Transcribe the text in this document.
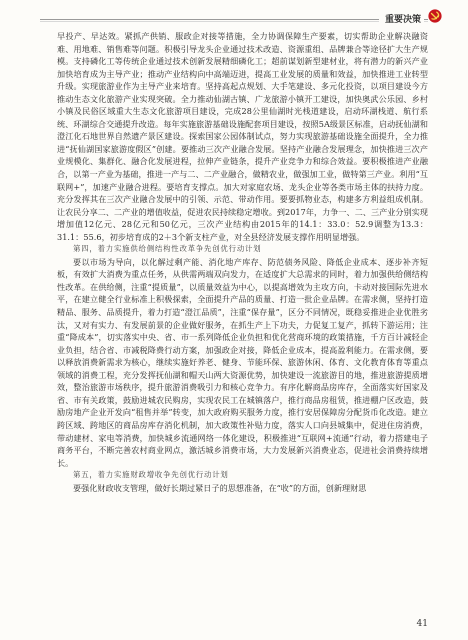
重要决策

早投产、早达效。紧抓产供销、服政企对接等措施，全力协调保障生产要素，切实帮助企业解决融资难、用地难、销售难等问题。积极引导龙头企业通过技术改造、资源重组、品牌兼合等途径扩大生产规模。支持磷化工等传统企业通过技术创新发展精细磷化工；超前谋划新型建材业，将有潜力的新兴产业加快培育成为主导产业；推动产业结构向中高端迈进，提高工业发展的质量和效益，加快推进工业转型升级。实现旅游业作为主导产业来培育。坚持高起点规划、大手笔建设、多元化投资，以项目建设今方推动生态文化旅游产业实现突破。全力推动仙湖古镇、广龙旅游小镇开工建设，加快奥武公乐园、乡村小镇及民俗区域重大生态文化旅游项目建设，完成28公里仙湖时光栈道建设，启动环湖栈道、航行系统、环湖综合交通提升改造。每年实施旅游基础设施配套项目建设，按照5A级景区标准，启动抚仙湖和澄江化石地世界自然遗产景区建设。探索国家公园体制试点，努力实现旅游基础设施全面提升，全力推进“抚仙湖国家旅游度假区”创建。要推动三次产业融合发展。坚持产业融合发展理念，加快推进三次产业规模化、集群化、融合化发展进程，拉伸产业链条，提升产业竞争力和综合效益。要积极推进产业融合，以第一产业为基础，推进一产与二、二产业融合，做精农业，做强加工业，做特第三产业。利用“互联网+”，加速产业融合进程。要培育支撑点。加大对家庭农场、龙头企业等各类市场主体的扶持力度。充分发挥其在三次产业融合发展中的引领、示范、带动作用。要要抓物业态，构建多方利益组成机制。让农民分享二、二产业的增值收益，促进农民持续稳定增收。到2017年，力争一、二、三产业分别实现增加值12亿元、28亿元和50亿元，三次产业结构由2015年的14.1：33.0：52.9调整为13.3：31.1：55.6，初步培育成的2＋3个新支柱产业，对全县经济发展支撑作用明显增强。

第四，着力实施供给侧结构性改革争先创优行动计划

要以市场为导向，以化解过剩产能、消化地产库存、防范债务风险、降低企业成本、逐步补齐短板，有效扩大消费为重点任务，从供需两端双向发力，在适度扩大总需求的同时，着力加强供给侧结构性改革。在供给侧，注重“提质量”，以质量效益为中心，以提高增效为主攻方向，卡动对接国际先进水平，在建立健全行业标准上积极探索，全面提升产品的质量、打造一批企业品牌。在需求侧，坚持打造精品、服务、品质提升，着力打造“澄江品质”，注重“保存量”，区分不同情况，既稳妥推进企业优胜劣汰，又对有实力、有发展前景的企业做好服务，在抓生产上下功夫，力促复工复产，抓转下游运用；注重“降成本”，切实落实中央、省、市一系列降低企业负担和优化营商环境的政策措施，千方百计减轻企业负担，结合省、市减税降费行动方案，加强政企对接，降低企业成本，提高盈利能力。在需求侧，要以释放消费新需求为核心，继续实施好养老、健身、节能环保、旅游休闲、体育、文化教育体育等重点领域的消费工程，充分发挥抚仙湖和帽天山两大资源优势，加快建设一流旅游目的地，推进旅游提质增效，整治旅游市场秩序，提升旅游消费吸引力和核心竞争力。有序化解商品房库存，全面落实好国家及省、市有关政策，鼓励进城农民购房，实现农民工在城镇落户，推行商品房租赁，推进棚户区改造，鼓励房地产企业开发向“租售并举”转变，加大政府购买服务力度，推行安居保障房分配货币化改造。建立跨区域、跨地区的商品房库存消化机制，加大政策性补贴力度，落实人口向县城集中，促进住房消费，带动建材、家电等消费，加快城乡流通网络一体化建设，积极推进“互联网+流通”行动，着力搭建电子商务平台，不断完善农村商业网点，激活城乡消费市场，大力发展新兴消费业态，促进社会消费持续增长。

第五，着力实施财政增收争先创优行动计划

要强化财政收支管理，做好长期过紧日子的思想准备，在“收”的方面，创新理财思

41
